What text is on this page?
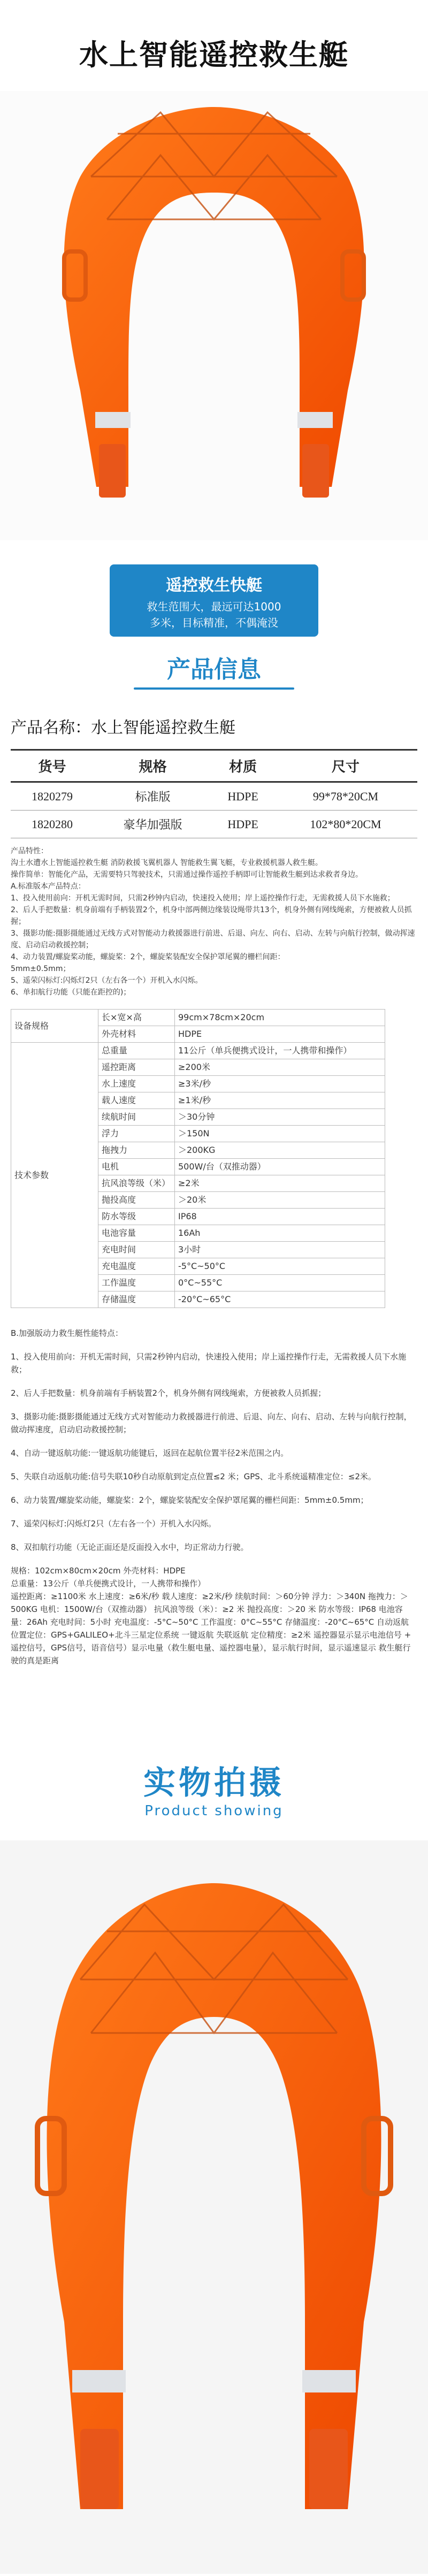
水上智能遥控救生艇
遥控救生快艇
救生范围大，最远可达1000
多米，目标精准，不偶淹没
产品信息
产品名称：水上智能遥控救生艇
货号	规格	材质	尺寸
1820279	标准版	HDPE	99*78*20CM
1820280	豪华加强版	HDPE	102*80*20CM

产品特性：

沟土水遭水上智能遥控救生艇 消防救援飞翼机器人 智能救生翼飞艇，专业救援机器人救生艇。

操作简单：智能化产品，无需要特只驾驶技术，只需通过操作遥控手柄即可让智能救生艇到达求救者身边。

A.标准版本产品特点：

1、投入使用前向：开机无需时间，只需2秒钟内启动，快速投入使用；岸上遥控操作行走，无需救援人员下水施救；

2、后人手把数量：机身前端有手柄装置2个，机身中部两侧边缘装设绳带共13个，机身外侧有网线绳索，方便被救人员抓握；

3、摄影功能:摄影摄能通过无线方式对智能动力救援器进行前进、后退、向左、向右、启动、左转与向航行控制，做动挥速度、启动启动救援控制；

4、动力装置/螺旋桨动能，螺旋桨：2个，螺旋桨装配安全保护罩尾翼的栅栏间距：

5mm±0.5mm；

5、遥荣闪标灯:闪烁灯2只（左右各一个）开机入水闪烁。

6、单扣航行功能（只能在距控的)；

设备规格	长×宽×高	99cm×78cm×20cm
	外壳材料	HDPE
技术参数	总重量	11公斤（单兵便携式设计，一人携带和操作）
	遥控距离	≥200米
	水上速度	≥3米/秒
	载人速度	≥1米/秒
	续航时间	＞30分钟
	浮力	＞150N
	拖拽力	＞200KG
	电机	500W/台（双推动器）
	抗风浪等级（米）	≥2米
	抛投高度	＞20米
	防水等级	IP68
	电池容量	16Ah
	充电时间	3小时
	充电温度	-5°C~50°C
	工作温度	0°C~55°C
	存储温度	-20°C~65°C

B.加强版动力救生艇性能特点：

1、投入使用前向：开机无需时间，只需2秒钟内启动，快速投入使用；岸上遥控操作行走，无需救援人员下水施救；

2、后人手把数量：机身前端有手柄装置2个，机身外侧有网线绳索，方便被救人员抓握；

3、摄影功能:摄影摄能通过无线方式对智能动力救援器进行前进、后退、向左、向右、启动、左转与向航行控制，做动挥速度，启动启动救援控制；

4、自动一键返航功能:一键返航功能键后，返回在起航位置半径2米范围之内。

5、失联自动返航功能:信号失联10秒自动原航到定点位置≤2 米；GPS、北斗系统遥精准定位：≤2米。

6、动力装置/螺旋桨动能，螺旋桨：2个，螺旋桨装配安全保护罩尾翼的栅栏间距：5mm±0.5mm；

7、遥荣闪标灯:闪烁灯2只（左右各一个）开机入水闪烁。

8、双扣航行功能（无论正面还是反面投入水中，均正常动力行驶。

规格：102cm×80cm×20cm 外壳材料：HDPE

总重量：13公斤（单兵便携式设计，一人携带和操作）

遥控距离：≥1100米 水上速度：≥6米/秒 载人速度：≥2米/秒 续航时间：＞60分钟 浮力：＞340N 拖拽力：＞500KG 电机：1500W/台（双推动器） 抗风浪等级（米）：≥2 米 抛投高度：＞20 米 防水等级：IP68 电池容量：26Ah 充电时间：5小时 充电温度：-5°C~50°C 工作温度：0°C~55°C 存储温度：-20°C~65°C 自动返航 位置定位：GPS+GALILEO+北斗三星定位系统 一键返航 失联返航 定位精度：≥2米 遥控器显示显示电池信号 + 遥控信号，GPS信号，语音信号）显示电量（救生艇电量、遥控器电量），显示航行时间，显示遥速显示 救生艇行驶的真是距离

实物拍摄
Product showing
